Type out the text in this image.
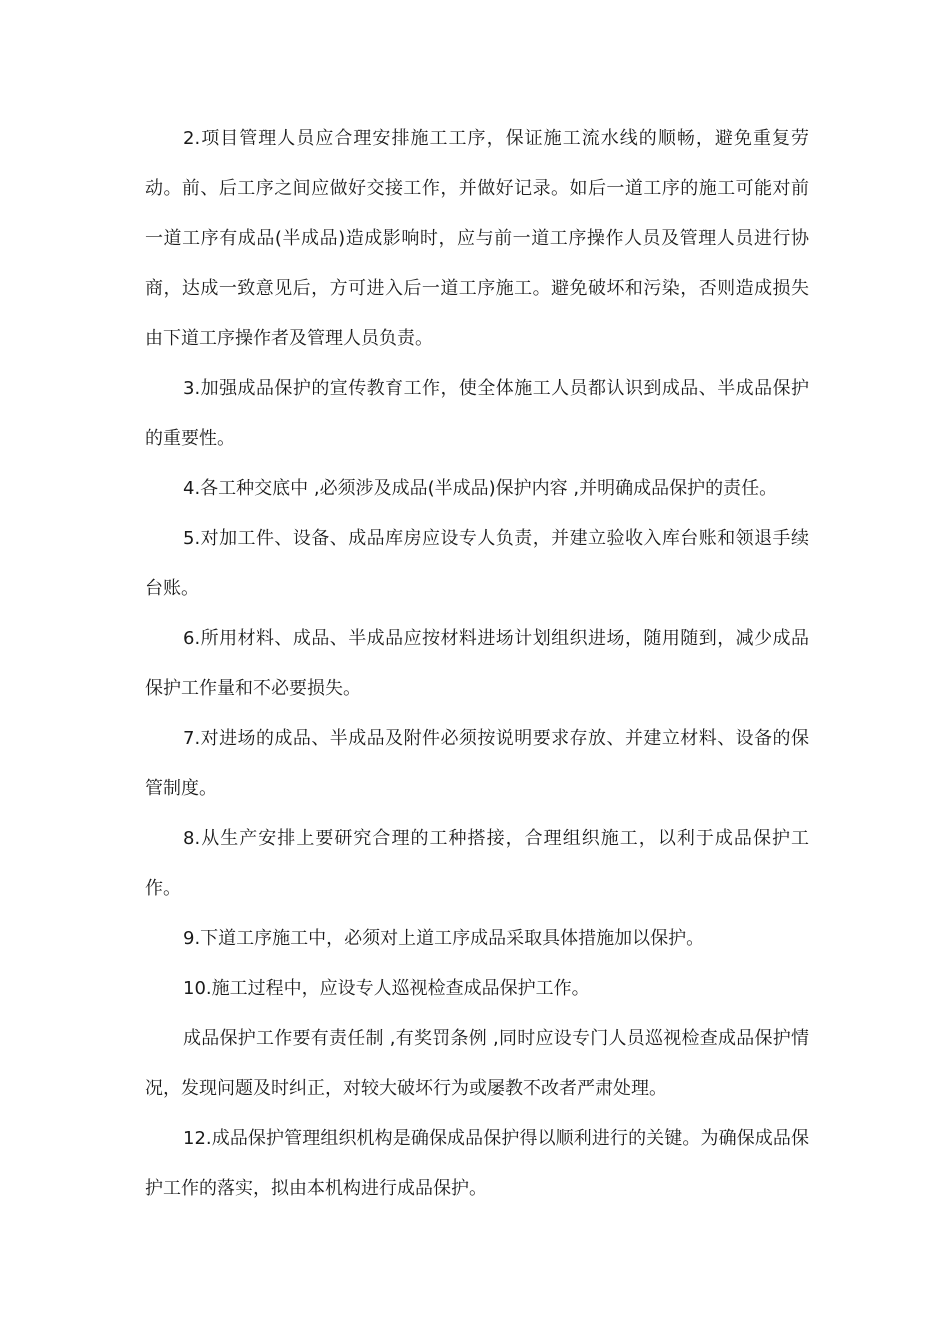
2.项目管理人员应合理安排施工工序，保证施工流水线的顺畅，避免重复劳动。前、后工序之间应做好交接工作，并做好记录。如后一道工序的施工可能对前一道工序有成品(半成品)造成影响时，应与前一道工序操作人员及管理人员进行协商，达成一致意见后，方可进入后一道工序施工。避免破坏和污染，否则造成损失由下道工序操作者及管理人员负责。

3.加强成品保护的宣传教育工作，使全体施工人员都认识到成品、半成品保护的重要性。

4.各工种交底中 ,必须涉及成品(半成品)保护内容 ,并明确成品保护的责任。

5.对加工件、设备、成品库房应设专人负责，并建立验收入库台账和领退手续台账。

6.所用材料、成品、半成品应按材料进场计划组织进场，随用随到，减少成品保护工作量和不必要损失。

7.对进场的成品、半成品及附件必须按说明要求存放、并建立材料、设备的保管制度。

8.从生产安排上要研究合理的工种搭接，合理组织施工，以利于成品保护工作。

9.下道工序施工中，必须对上道工序成品采取具体措施加以保护。

10.施工过程中，应设专人巡视检查成品保护工作。

成品保护工作要有责任制 ,有奖罚条例 ,同时应设专门人员巡视检查成品保护情况，发现问题及时纠正，对较大破坏行为或屡教不改者严肃处理。

12.成品保护管理组织机构是确保成品保护得以顺利进行的关键。为确保成品保护工作的落实，拟由本机构进行成品保护。
